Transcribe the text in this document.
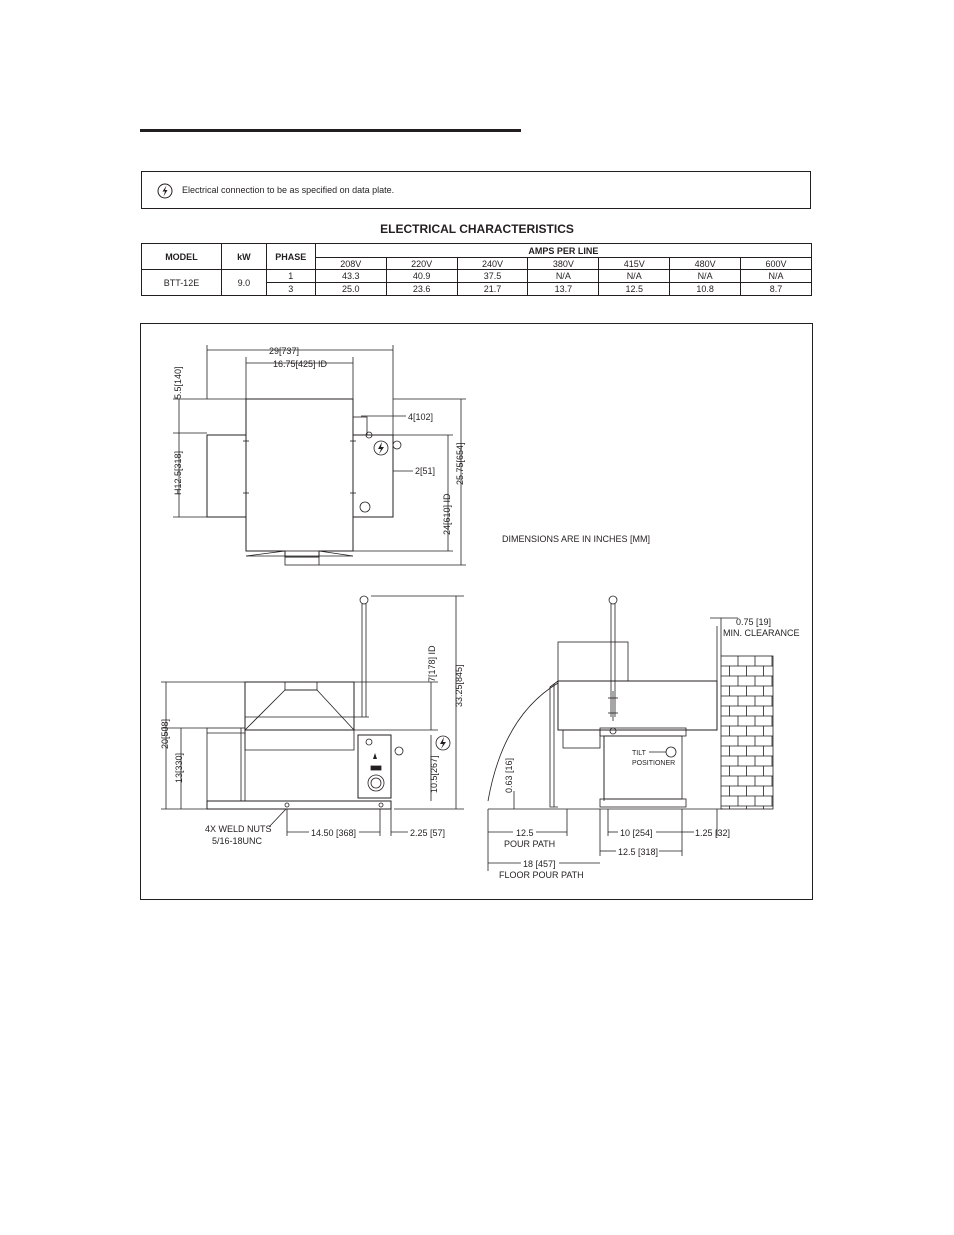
Electrical connection to be as specified on data plate.
ELECTRICAL CHARACTERISTICS
MODEL	kW	PHASE	AMPS PER LINE						
			208V	220V	240V	380V	415V	480V	600V
BTT-12E	9.0	1	43.3	40.9	37.5	N/A	N/A	N/A	N/A
		3	25.0	23.6	21.7	13.7	12.5	10.8	8.7
29[737]
16.75[425] ID
4[102]
2[51]
5.5[140]
H12.5[318]	25.75[654]
24[610] ID
DIMENSIONS ARE IN INCHES [MM]
7[178] ID
33.25[845]
20[508]
13[330]	10.5[267]
4X WELD NUTS
5/16-18UNC
14.50 [368]	2.25 [57]
0.75 [19]
MIN. CLEARANCE
TILT
POSITIONER
0.63 [16]
12.5
POUR PATH
10 [254]	1.25 [32]
12.5 [318]
18 [457]
FLOOR POUR PATH
